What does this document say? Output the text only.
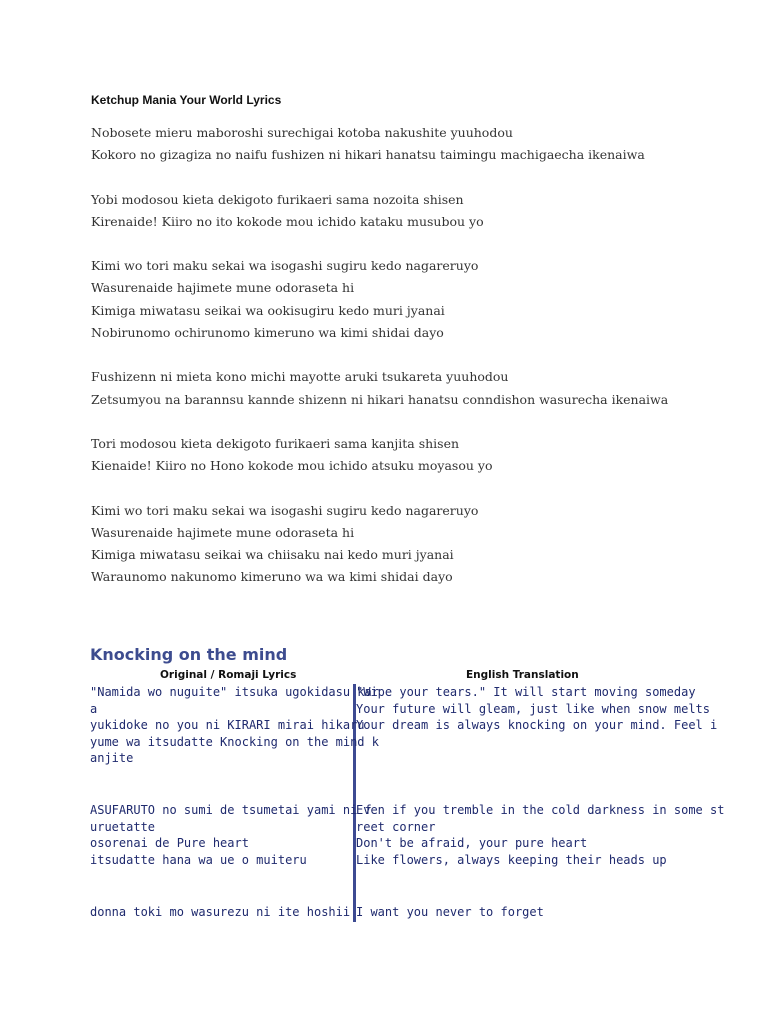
Ketchup Mania Your World Lyrics
Nobosete mieru maboroshi surechigai kotoba nakushite yuuhodou
Kokoro no gizagiza no naifu fushizen ni hikari hanatsu taimingu machigaecha ikenaiwa
Yobi modosou kieta dekigoto furikaeri sama nozoita shisen
Kirenaide! Kiiro no ito kokode mou ichido kataku musubou yo
Kimi wo tori maku sekai wa isogashi sugiru kedo nagareruyo
Wasurenaide hajimete mune odoraseta hi
Kimiga miwatasu seikai wa ookisugiru kedo muri jyanai
Nobirunomo ochirunomo kimeruno wa kimi shidai dayo
Fushizenn ni mieta kono michi mayotte aruki tsukareta yuuhodou
Zetsumyou na barannsu kannde shizenn ni hikari hanatsu conndishon wasurecha ikenaiwa
Tori modosou kieta dekigoto furikaeri sama kanjita shisen
Kienaide! Kiiro no Hono kokode mou ichido atsuku moyasou yo
Kimi wo tori maku sekai wa isogashi sugiru kedo nagareruyo
Wasurenaide hajimete mune odoraseta hi
Kimiga miwatasu seikai wa chiisaku nai kedo muri jyanai
Waraunomo nakunomo kimeruno wa wa kimi shidai dayo
Knocking on the mind
Original / Romaji Lyrics	English Translation
"Namida wo nuguite" itsuka ugokidasu kar
a
yukidoke no you ni KIRARI mirai hikaru
yume wa itsudatte Knocking on the mind k
anjite
ASUFARUTO no sumi de tsumetai yami ni f
uruetatte
osorenai de Pure heart
itsudatte hana wa ue o muiteru
donna toki mo wasurezu ni ite hoshii
"Wipe your tears." It will start moving someday
Your future will gleam, just like when snow melts
Your dream is always knocking on your mind. Feel i
Even if you tremble in the cold darkness in some st
reet corner
Don't be afraid, your pure heart
Like flowers, always keeping their heads up
I want you never to forget
